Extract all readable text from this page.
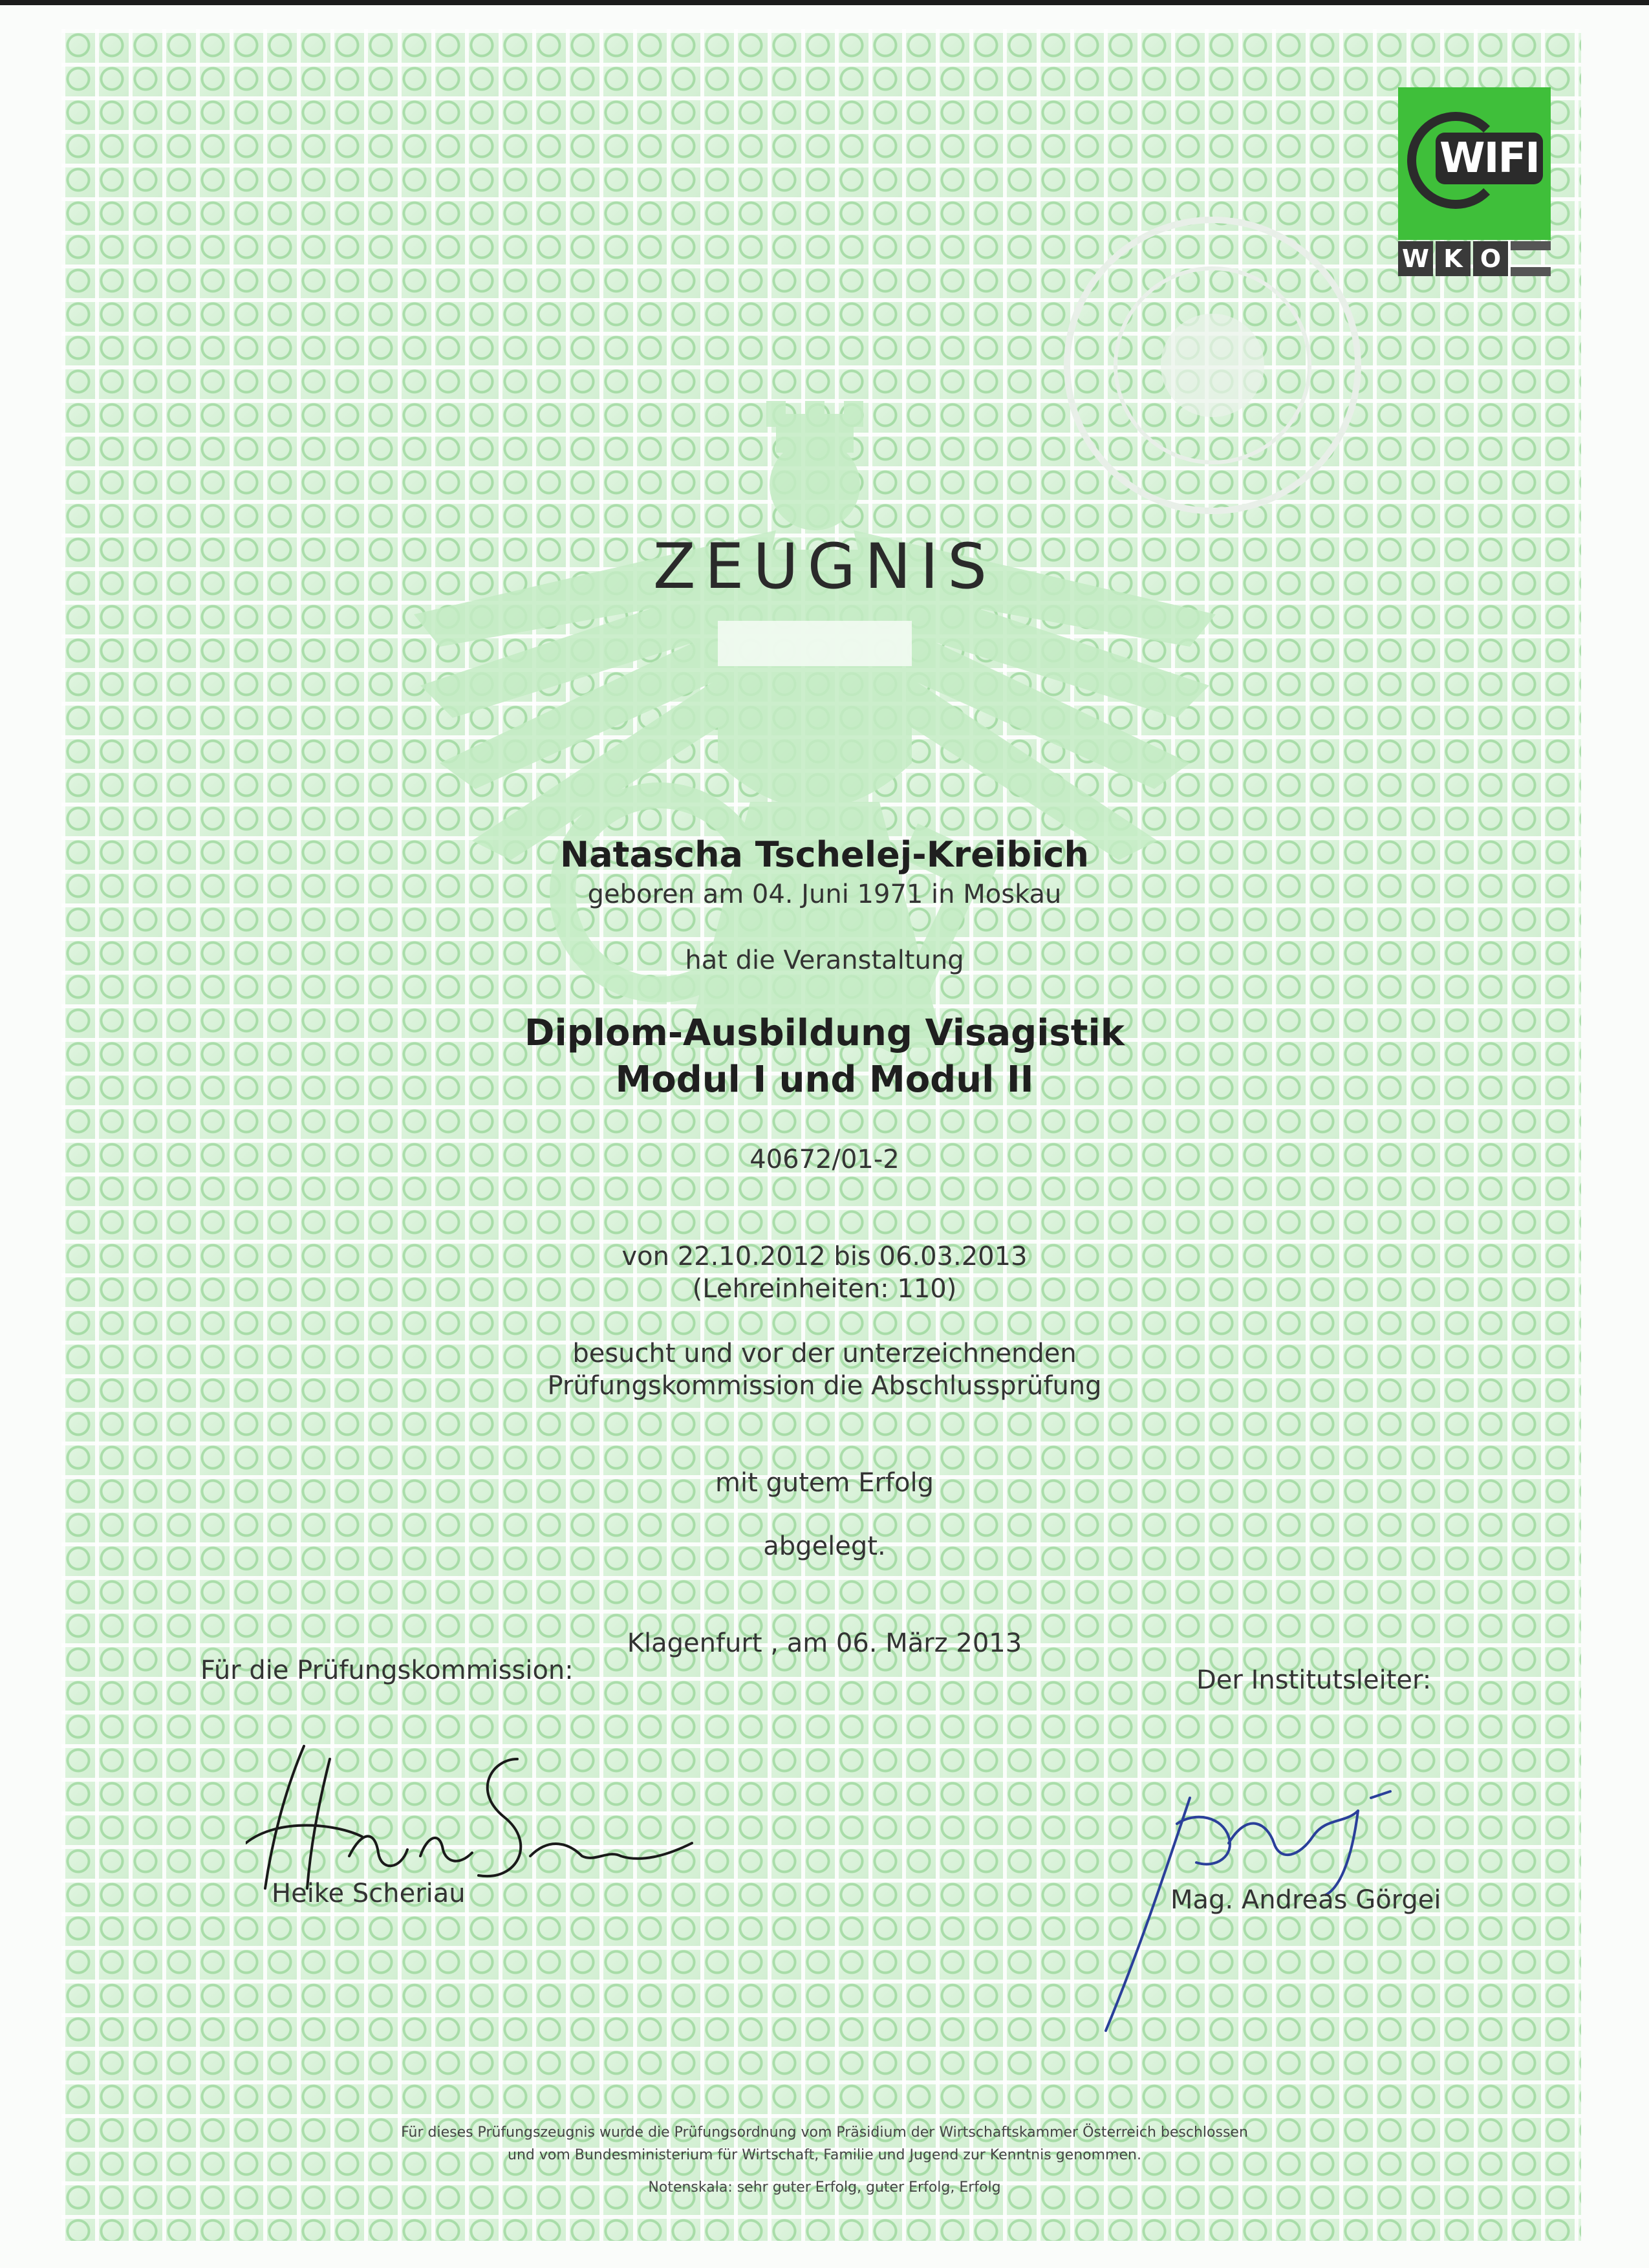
WIFI
W K O
ZEUGNIS
Natascha Tschelej-Kreibich
geboren am 04. Juni 1971 in Moskau
hat die Veranstaltung
Diplom-Ausbildung Visagistik
Modul I und Modul II
40672/01-2
von 22.10.2012 bis 06.03.2013
(Lehreinheiten: 110)
besucht und vor der unterzeichnenden
Prüfungskommission die Abschlussprüfung
mit gutem Erfolg
abgelegt.
Klagenfurt , am 06. März 2013
Für die Prüfungskommission:	Der Institutsleiter:
Heike Scheriau	Mag. Andreas Görgei
Für dieses Prüfungszeugnis wurde die Prüfungsordnung vom Präsidium der Wirtschaftskammer Österreich beschlossen
und vom Bundesministerium für Wirtschaft, Familie und Jugend zur Kenntnis genommen.
Notenskala: sehr guter Erfolg, guter Erfolg, Erfolg
